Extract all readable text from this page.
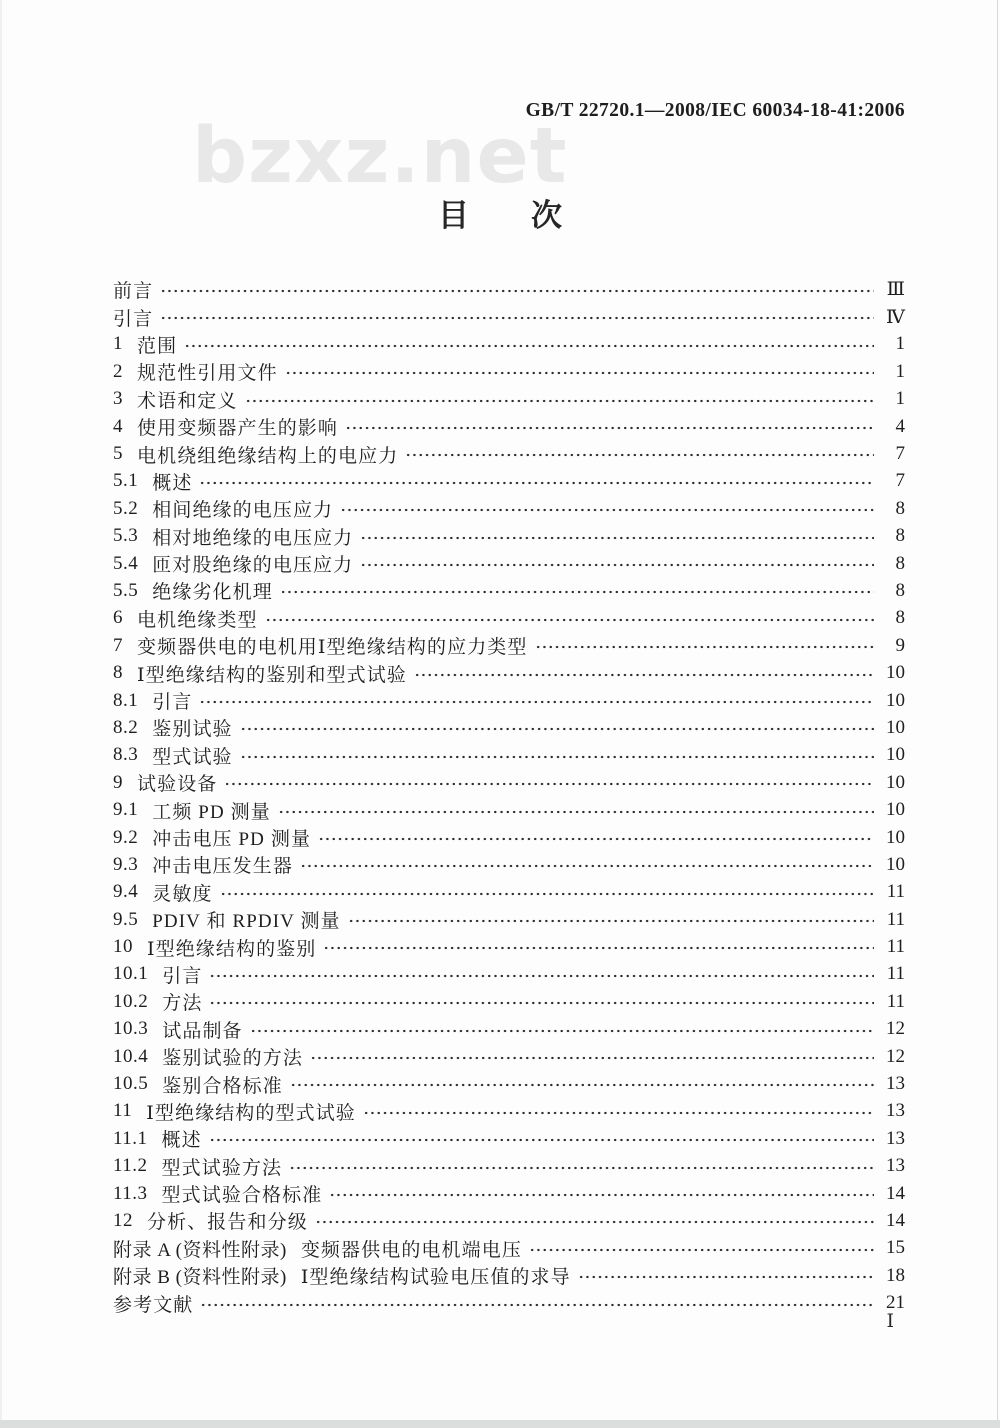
GB/T 22720.1—2008/IEC 60034-18-41:2006
bzxz.net
目　　次
前言	Ⅲ
引言	Ⅳ
1 范围	1
2 规范性引用文件	1
3 术语和定义	1
4 使用变频器产生的影响	4
5 电机绕组绝缘结构上的电应力	7
5.1 概述	7
5.2 相间绝缘的电压应力	8
5.3 相对地绝缘的电压应力	8
5.4 匝对股绝缘的电压应力	8
5.5 绝缘劣化机理	8
6 电机绝缘类型	8
7 变频器供电的电机用Ⅰ型绝缘结构的应力类型	9
8 Ⅰ型绝缘结构的鉴别和型式试验	10
8.1 引言	10
8.2 鉴别试验	10
8.3 型式试验	10
9 试验设备	10
9.1 工频 PD 测量	10
9.2 冲击电压 PD 测量	10
9.3 冲击电压发生器	10
9.4 灵敏度	11
9.5 PDIV 和 RPDIV 测量	11
10 Ⅰ型绝缘结构的鉴别	11
10.1 引言	11
10.2 方法	11
10.3 试品制备	12
10.4 鉴别试验的方法	12
10.5 鉴别合格标准	13
11 Ⅰ型绝缘结构的型式试验	13
11.1 概述	13
11.2 型式试验方法	13
11.3 型式试验合格标准	14
12 分析、报告和分级	14
附录 A (资料性附录) 变频器供电的电机端电压	15
附录 B (资料性附录) Ⅰ型绝缘结构试验电压值的求导	18
参考文献	21
Ⅰ
